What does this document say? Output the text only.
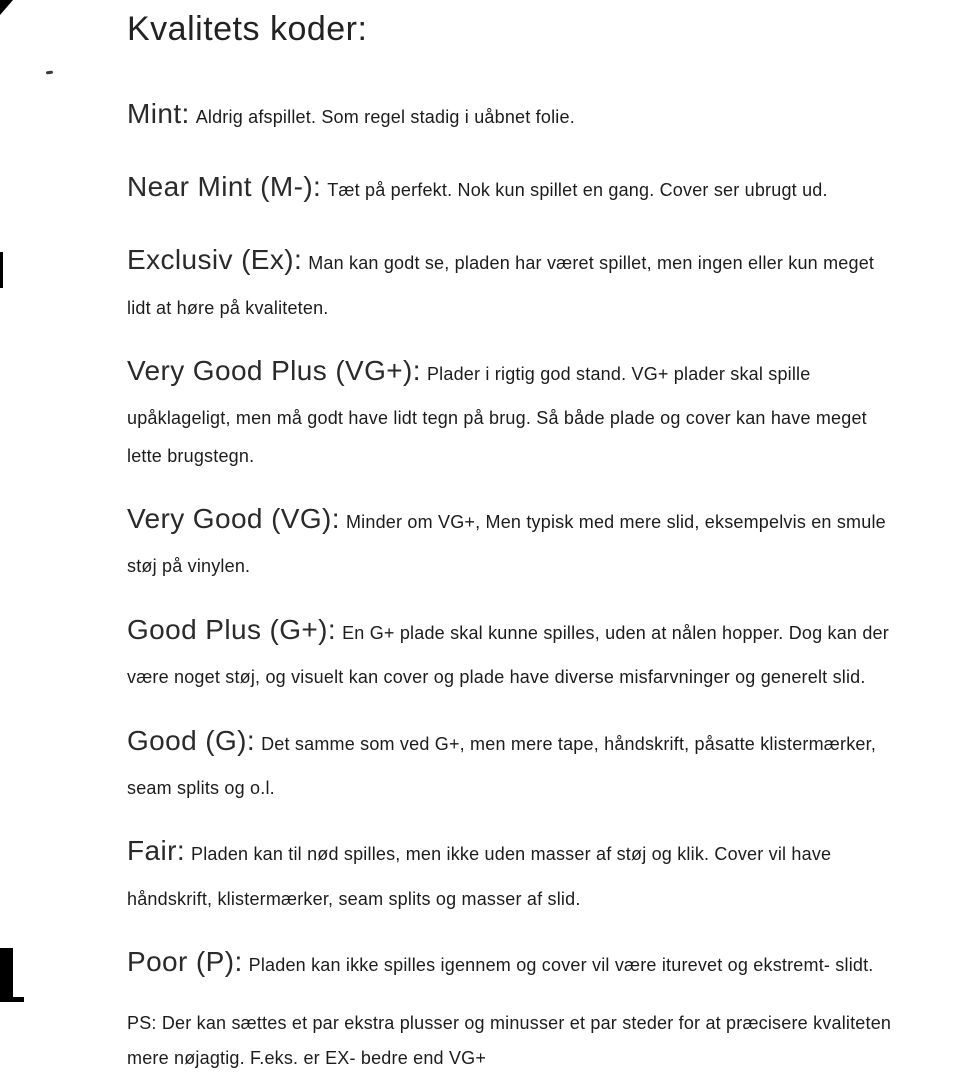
Kvalitets koder:

Mint: Aldrig afspillet. Som regel stadig i uåbnet folie.

Near Mint (M-): Tæt på perfekt. Nok kun spillet en gang. Cover ser ubrugt ud.

Exclusiv (Ex): Man kan godt se, pladen har været spillet, men ingen eller kun meget lidt at høre på kvaliteten.

Very Good Plus (VG+): Plader i rigtig god stand. VG+ plader skal spille upåklageligt, men må godt have lidt tegn på brug. Så både plade og cover kan have meget lette brugstegn.

Very Good (VG): Minder om VG+, Men typisk med mere slid, eksempelvis en smule støj på vinylen.

Good Plus (G+): En G+ plade skal kunne spilles, uden at nålen hopper. Dog kan der være noget støj, og visuelt kan cover og plade have diverse misfarvninger og generelt slid.

Good (G): Det samme som ved G+, men mere tape, håndskrift, påsatte klistermærker, seam splits og o.l.

Fair: Pladen kan til nød spilles, men ikke uden masser af støj og klik. Cover vil have håndskrift, klistermærker, seam splits og masser af slid.

Poor (P): Pladen kan ikke spilles igennem og cover vil være iturevet og ekstremt- slidt.

PS: Der kan sættes et par ekstra plusser og minusser et par steder for at præcisere kvaliteten mere nøjagtig. F.eks. er EX- bedre end VG+
